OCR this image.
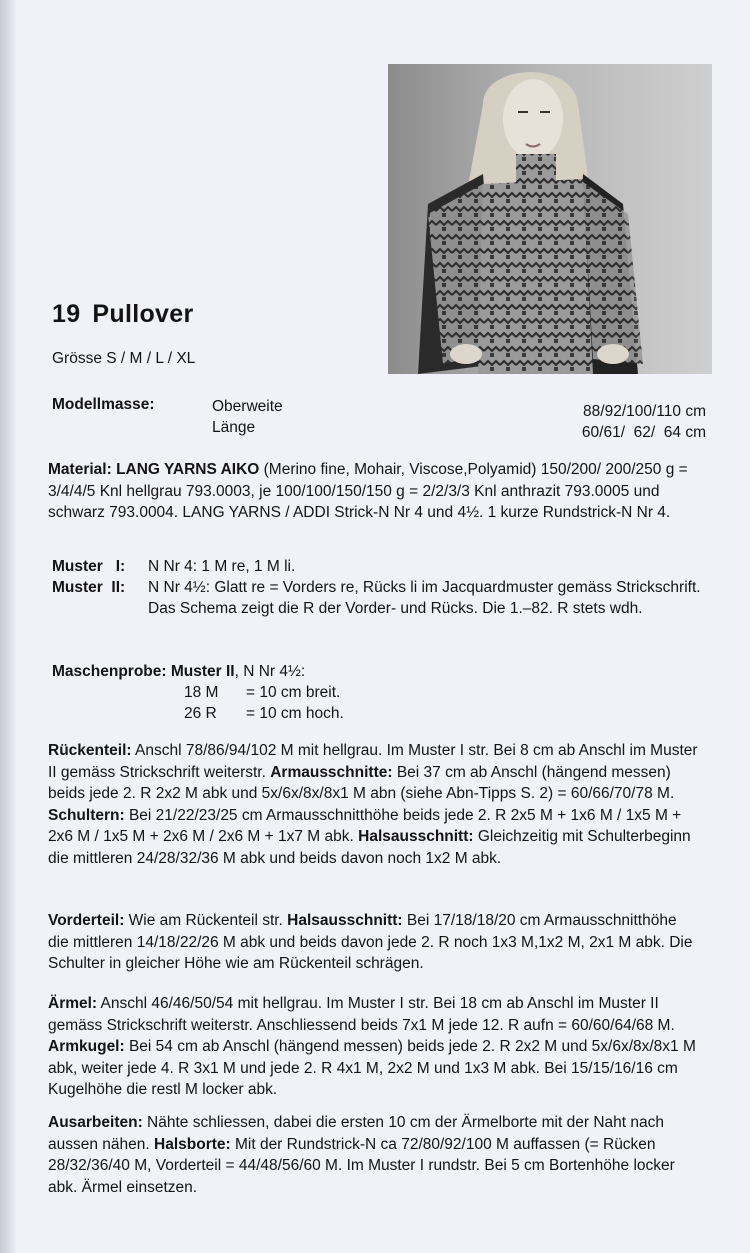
19 Pullover
Grösse S / M / L / XL
Modellmasse:	Oberweite
Länge
88/92/100/110 cm
60/61/  62/  64 cm

Material: LANG YARNS AIKO (Merino fine, Mohair, Viscose,Polyamid) 150/200/ 200/250 g = 3/4/4/5 Knl hellgrau 793.0003, je 100/100/150/150 g = 2/2/3/3 Knl anthrazit 793.0005 und schwarz 793.0004. LANG YARNS / ADDI Strick-N Nr 4 und 4½. 1 kurze Rundstrick-N Nr 4.

Muster   I: N Nr 4: 1 M re, 1 M li.
Muster  II: N Nr 4½: Glatt re = Vorders re, Rücks li im Jacquardmuster gemäss Strickschrift. Das Schema zeigt die R der Vorder- und Rücks. Die 1.–82. R stets wdh.
Maschenprobe: Muster II, N Nr 4½:
18 M = 10 cm breit.
26 R = 10 cm hoch.

Rückenteil: Anschl 78/86/94/102 M mit hellgrau. Im Muster I str. Bei 8 cm ab Anschl im Muster II gemäss Strickschrift weiterstr. Armausschnitte: Bei 37 cm ab Anschl (hängend messen) beids jede 2. R 2x2 M abk und 5x/6x/8x/8x1 M abn (siehe Abn-Tipps S. 2) = 60/66/70/78 M. Schultern: Bei 21/22/23/25 cm Armausschnitthöhe beids jede 2. R 2x5 M + 1x6 M / 1x5 M + 2x6 M / 1x5 M + 2x6 M / 2x6 M + 1x7 M abk. Halsausschnitt: Gleichzeitig mit Schulterbeginn die mittleren 24/28/32/36 M abk und beids davon noch 1x2 M abk.

Vorderteil: Wie am Rückenteil str. Halsausschnitt: Bei 17/18/18/20 cm Armausschnitthöhe die mittleren 14/18/22/26 M abk und beids davon jede 2. R noch 1x3 M,1x2 M, 2x1 M abk. Die Schulter in gleicher Höhe wie am Rückenteil schrägen.

Ärmel: Anschl 46/46/50/54 mit hellgrau. Im Muster I str. Bei 18 cm ab Anschl im Muster II gemäss Strickschrift weiterstr. Anschliessend beids 7x1 M jede 12. R aufn = 60/60/64/68 M. Armkugel: Bei 54 cm ab Anschl (hängend messen) beids jede 2. R 2x2 M und 5x/6x/8x/8x1 M abk, weiter jede 4. R 3x1 M und jede 2. R 4x1 M, 2x2 M und 1x3 M abk. Bei 15/15/16/16 cm Kugelhöhe die restl M locker abk.

Ausarbeiten: Nähte schliessen, dabei die ersten 10 cm der Ärmelborte mit der Naht nach aussen nähen. Halsborte: Mit der Rundstrick-N ca 72/80/92/100 M auffassen (= Rücken 28/32/36/40 M, Vorderteil = 44/48/56/60 M. Im Muster I rundstr. Bei 5 cm Bortenhöhe locker abk. Ärmel einsetzen.
